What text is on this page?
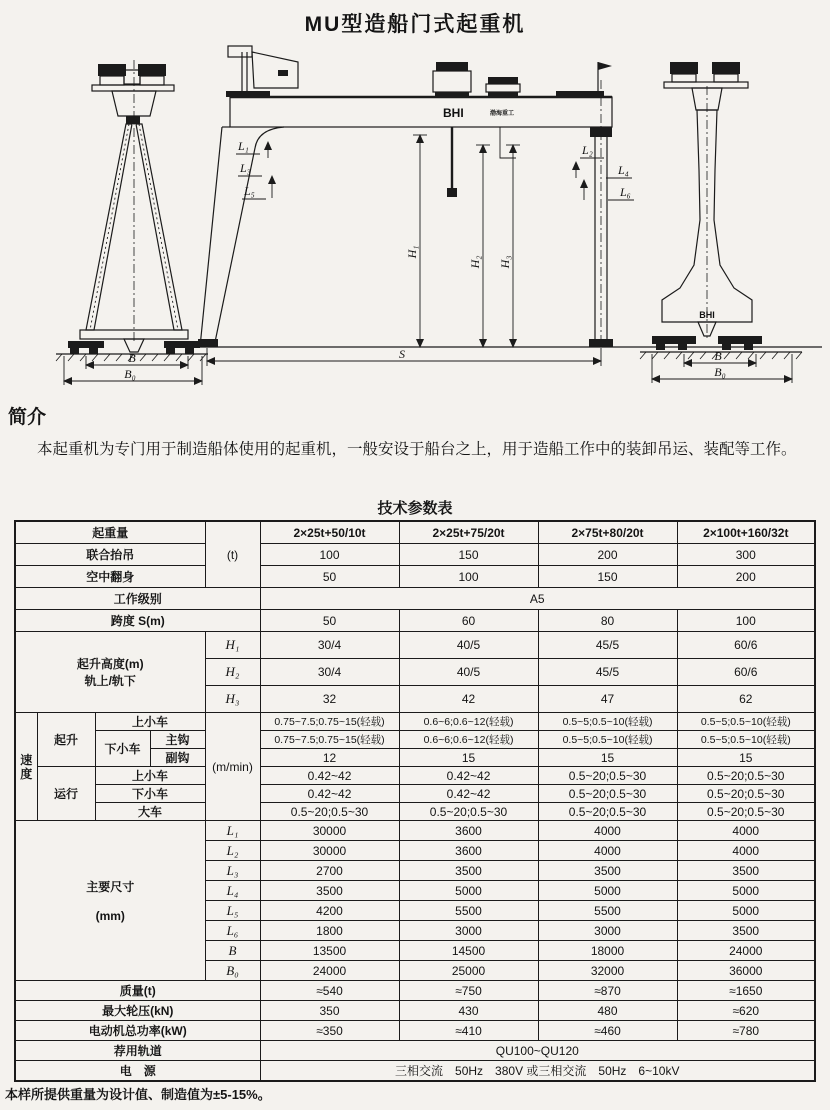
MU型造船门式起重机
B
B₀
BHI	渤海重工
H₁
H₂ H₃
S
L₁
L₃
L₅
L₂
L₄
L₆
BHI
B
B₀
简介

本起重机为专门用于制造船体使用的起重机，一般安设于船台之上，用于造船工作中的装卸吊运、装配等工作。

技术参数表
起重量				(t)	2×25t+50/10t	2×25t+75/20t	2×75t+80/20t	2×100t+160/32t
联合抬吊					100	150	200	300
空中翻身					50	100	150	200
工作级别					A5			
跨度 S(m)					50	60	80	100

起升高度(m)
轨上/轨下				H₁	30/4	40/5	45/5	60/6
				H₂	30/4	40/5	45/5	60/6
				H₃	32	42	47	62
速度	起升	上小车		(m/min)	0.75~7.5;0.75~15(轻载)	0.6~6;0.6~12(轻载)	0.5~5;0.5~10(轻载)	0.5~5;0.5~10(轻载)
		下小车	主钩		0.75~7.5;0.75~15(轻载)	0.6~6;0.6~12(轻载)	0.5~5;0.5~10(轻载)	0.5~5;0.5~10(轻载)
			副钩		12	15	15	15
	运行	上小车			0.42~42	0.42~42	0.5~20;0.5~30	0.5~20;0.5~30
		下小车			0.42~42	0.42~42	0.5~20;0.5~30	0.5~20;0.5~30
		大车			0.5~20;0.5~30	0.5~20;0.5~30	0.5~20;0.5~30	0.5~20;0.5~30

主要尺寸
(mm)				L₁	30000	3600	4000	4000
				L₂	30000	3600	4000	4000
				L₃	2700	3500	3500	3500
				L₄	3500	5000	5000	5000
				L₅	4200	5500	5500	5000
				L₆	1800	3000	3000	3500
				B	13500	14500	18000	24000
				B₀	24000	25000	32000	36000
质量(t)					≈540	≈750	≈870	≈1650
最大轮压(kN)					350	430	480	≈620
电动机总功率(kW)					≈350	≈410	≈460	≈780
荐用轨道					QU100~QU120			
电　源					三相交流　50Hz　380V 或三相交流　50Hz　6~10kV			
本样所提供重量为设计值、制造值为±5-15%。
